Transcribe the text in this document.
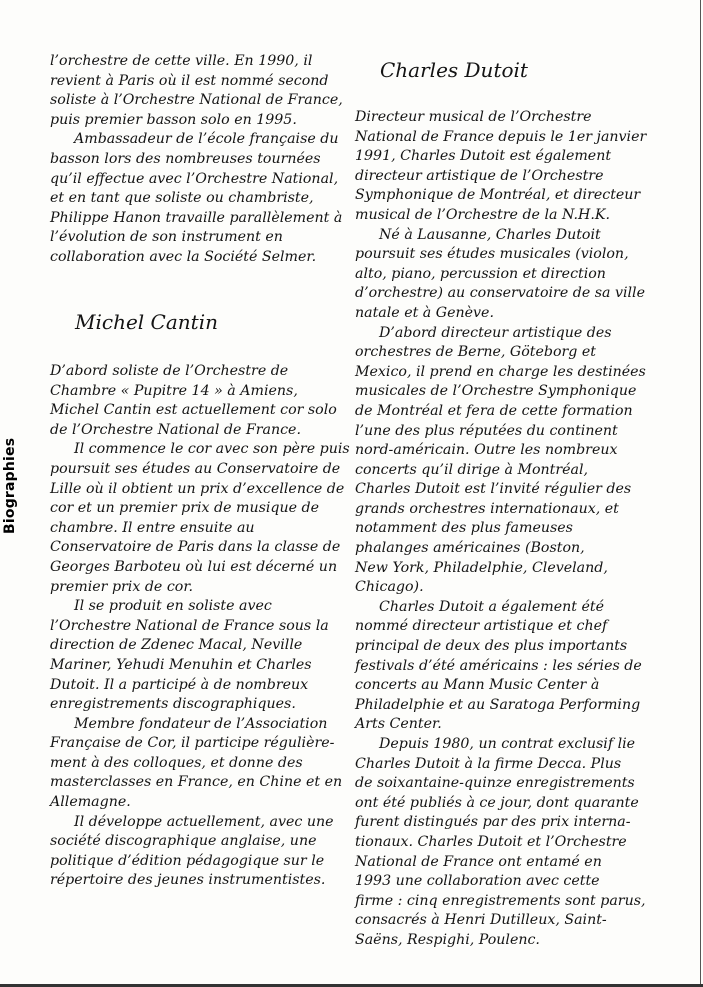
Biographies
l’orchestre de cette ville. En 1990, il
revient à Paris où il est nommé second
soliste à l’Orchestre National de France,
puis premier basson solo en 1995.
Ambassadeur de l’école française du
basson lors des nombreuses tournées
qu’il effectue avec l’Orchestre National,
et en tant que soliste ou chambriste,
Philippe Hanon travaille parallèlement à
l’évolution de son instrument en
collaboration avec la Société Selmer.
Michel Cantin
D’abord soliste de l’Orchestre de
Chambre « Pupitre 14 » à Amiens,
Michel Cantin est actuellement cor solo
de l’Orchestre National de France.
Il commence le cor avec son père puis
poursuit ses études au Conservatoire de
Lille où il obtient un prix d’excellence de
cor et un premier prix de musique de
chambre. Il entre ensuite au
Conservatoire de Paris dans la classe de
Georges Barboteu où lui est décerné un
premier prix de cor.
Il se produit en soliste avec
l’Orchestre National de France sous la
direction de Zdenec Macal, Neville
Mariner, Yehudi Menuhin et Charles
Dutoit. Il a participé à de nombreux
enregistrements discographiques.
Membre fondateur de l’Association
Française de Cor, il participe régulière-
ment à des colloques, et donne des
masterclasses en France, en Chine et en
Allemagne.
Il développe actuellement, avec une
société discographique anglaise, une
politique d’édition pédagogique sur le
répertoire des jeunes instrumentistes.
Charles Dutoit
Directeur musical de l’Orchestre
National de France depuis le 1er janvier
1991, Charles Dutoit est également
directeur artistique de l’Orchestre
Symphonique de Montréal, et directeur
musical de l’Orchestre de la N.H.K.
Né à Lausanne, Charles Dutoit
poursuit ses études musicales (violon,
alto, piano, percussion et direction
d’orchestre) au conservatoire de sa ville
natale et à Genève.
D’abord directeur artistique des
orchestres de Berne, Göteborg et
Mexico, il prend en charge les destinées
musicales de l’Orchestre Symphonique
de Montréal et fera de cette formation
l’une des plus réputées du continent
nord-américain. Outre les nombreux
concerts qu’il dirige à Montréal,
Charles Dutoit est l’invité régulier des
grands orchestres internationaux, et
notamment des plus fameuses
phalanges américaines (Boston,
New York, Philadelphie, Cleveland,
Chicago).
Charles Dutoit a également été
nommé directeur artistique et chef
principal de deux des plus importants
festivals d’été américains : les séries de
concerts au Mann Music Center à
Philadelphie et au Saratoga Performing
Arts Center.
Depuis 1980, un contrat exclusif lie
Charles Dutoit à la firme Decca. Plus
de soixantaine-quinze enregistrements
ont été publiés à ce jour, dont quarante
furent distingués par des prix interna-
tionaux. Charles Dutoit et l’Orchestre
National de France ont entamé en
1993 une collaboration avec cette
firme : cinq enregistrements sont parus,
consacrés à Henri Dutilleux, Saint-
Saëns, Respighi, Poulenc.
